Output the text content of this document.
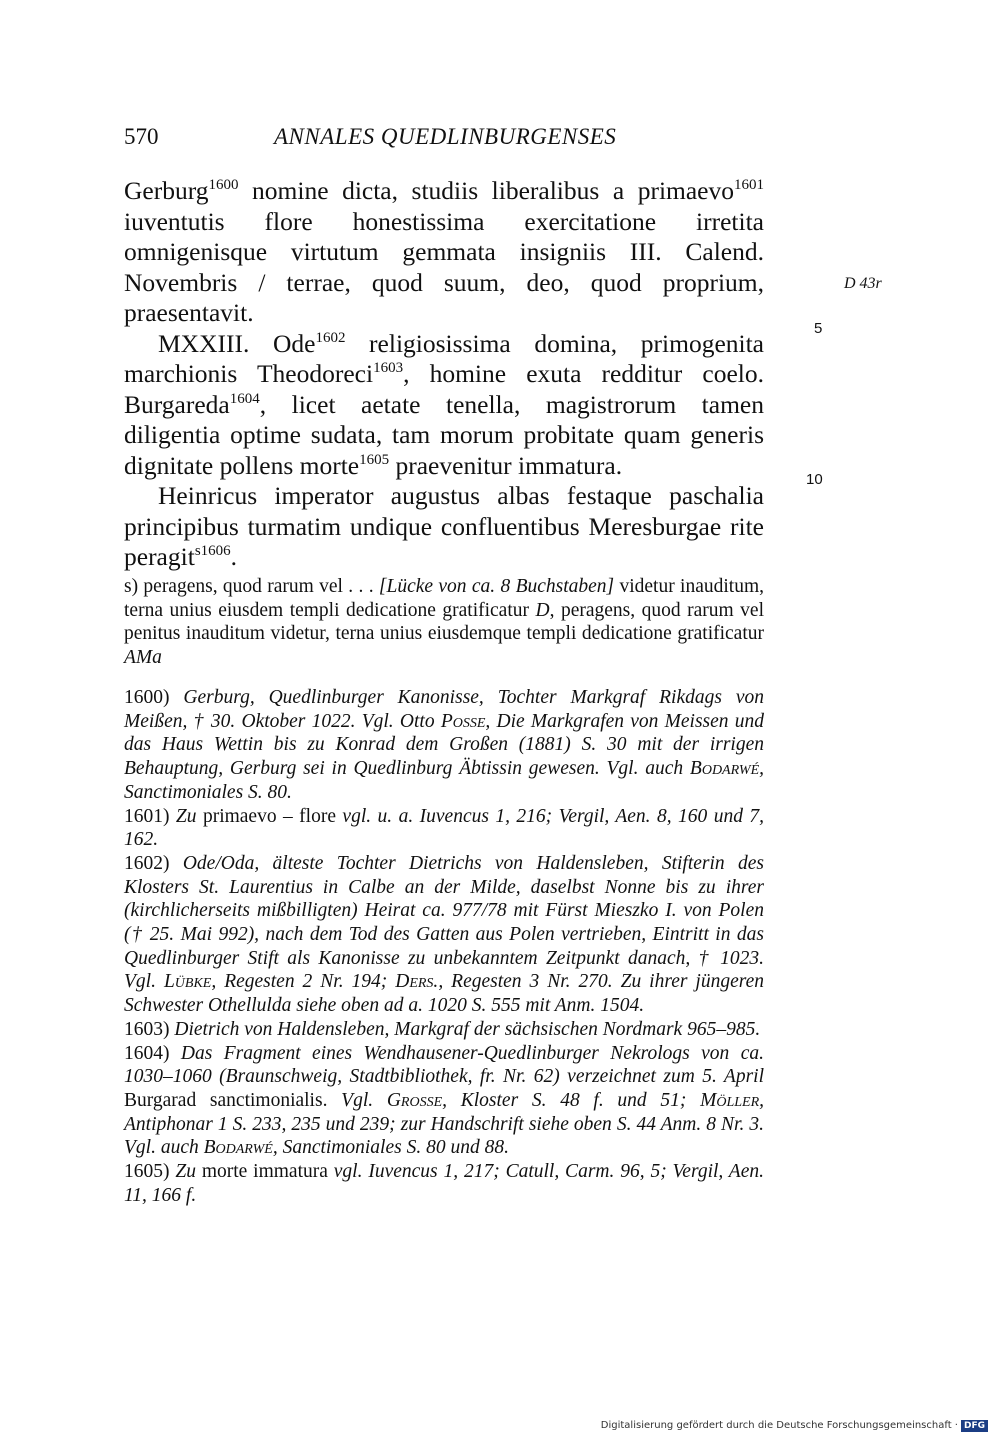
570	ANNALES QUEDLINBURGENSES

Gerburg$^{1600}$ nomine dicta, studiis liberalibus a primaevo$^{1601}$ iuventutis flore honestissima exercitatione irretita omnigenisque virtutum gemmata insigniis III. Calend. Novembris / terrae, quod suum, deo, quod proprium, praesentavit.

MXXIII. Ode$^{1602}$ religiosissima domina, primogenita marchionis Theodoreci$^{1603}$, homine exuta redditur coelo. Burgareda$^{1604}$, licet aetate tenella, magistrorum tamen diligentia optime sudata, tam morum probitate quam generis dignitate pollens morte$^{1605}$ praevenitur immatura.

Heinricus imperator augustus albas festaque paschalia principibus turmatim undique confluentibus Meresburgae rite peragit$^{s1606}$.

D 43r
5
10
s) peragens, quod rarum vel . . . [Lücke von ca. 8 Buchstaben] videtur inauditum, terna unius eiusdem templi dedicatione gratificatur D, peragens, quod rarum vel penitus inauditum videtur, terna unius eiusdemque templi dedicatione gratificatur AMa

1600) Gerburg, Quedlinburger Kanonisse, Tochter Markgraf Rikdags von Meißen, † 30. Oktober 1022. Vgl. Otto Posse, Die Markgrafen von Meissen und das Haus Wettin bis zu Konrad dem Großen (1881) S. 30 mit der irrigen Behauptung, Gerburg sei in Quedlinburg Äbtissin gewesen. Vgl. auch Bodarwé, Sanctimoniales S. 80.

1601) Zu primaevo – flore vgl. u. a. Iuvencus 1, 216; Vergil, Aen. 8, 160 und 7, 162.

1602) Ode/Oda, älteste Tochter Dietrichs von Haldensleben, Stifterin des Klosters St. Laurentius in Calbe an der Milde, daselbst Nonne bis zu ihrer (kirchlicherseits mißbilligten) Heirat ca. 977/78 mit Fürst Mieszko I. von Polen († 25. Mai 992), nach dem Tod des Gatten aus Polen vertrieben, Eintritt in das Quedlinburger Stift als Kanonisse zu unbekanntem Zeitpunkt danach, † 1023. Vgl. Lübke, Regesten 2 Nr. 194; Ders., Regesten 3 Nr. 270. Zu ihrer jüngeren Schwester Othellulda siehe oben ad a. 1020 S. 555 mit Anm. 1504.

1603) Dietrich von Haldensleben, Markgraf der sächsischen Nordmark 965–985.

1604) Das Fragment eines Wendhausener-Quedlinburger Nekrologs von ca. 1030–1060 (Braunschweig, Stadtbibliothek, fr. Nr. 62) verzeichnet zum 5. April Burgarad sanctimonialis. Vgl. Grosse, Kloster S. 48 f. und 51; Möller, Antiphonar 1 S. 233, 235 und 239; zur Handschrift siehe oben S. 44 Anm. 8 Nr. 3. Vgl. auch Bodarwé, Sanctimoniales S. 80 und 88.

1605) Zu morte immatura vgl. Iuvencus 1, 217; Catull, Carm. 96, 5; Vergil, Aen. 11, 166 f.

Digitalisierung gefördert durch die Deutsche Forschungsgemeinschaft · DFG
